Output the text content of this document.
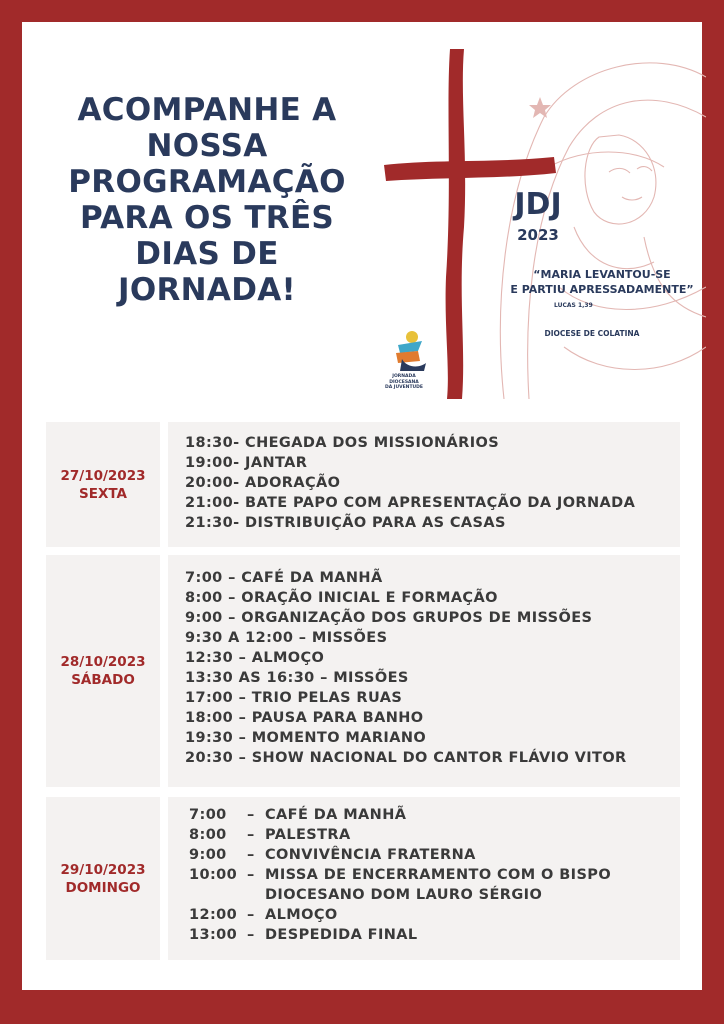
ACOMPANHE A
NOSSA
PROGRAMAÇÃO
PARA OS TRÊS
DIAS DE
JORNADA!
JDJ
2023
“MARIA LEVANTOU-SE
E PARTIU APRESSADAMENTE”
LUCAS 1,39
DIOCESE DE COLATINA
JORNADA
DIOCESANA
DA JUVENTUDE
27/10/2023
SEXTA
18:30- CHEGADA DOS MISSIONÁRIOS
19:00- JANTAR
20:00- ADORAÇÃO
21:00- BATE PAPO COM APRESENTAÇÃO DA JORNADA
21:30- DISTRIBUIÇÃO PARA AS CASAS
28/10/2023
SÁBADO
7:00 – CAFÉ DA MANHÃ
8:00 – ORAÇÃO INICIAL E FORMAÇÃO
9:00 – ORGANIZAÇÃO DOS GRUPOS DE MISSÕES
9:30 A 12:00 – MISSÕES
12:30 – ALMOÇO
13:30 AS 16:30 – MISSÕES
17:00 – TRIO PELAS RUAS
18:00 – PAUSA PARA BANHO
19:30 – MOMENTO MARIANO
20:30 – SHOW NACIONAL DO CANTOR FLÁVIO VITOR
29/10/2023
DOMINGO
7:00 – CAFÉ DA MANHÃ
8:00 – PALESTRA
9:00 – CONVIVÊNCIA FRATERNA
10:00 – MISSA DE ENCERRAMENTO COM O BISPO
DIOCESANO DOM LAURO SÉRGIO
12:00 – ALMOÇO
13:00 – DESPEDIDA FINAL
